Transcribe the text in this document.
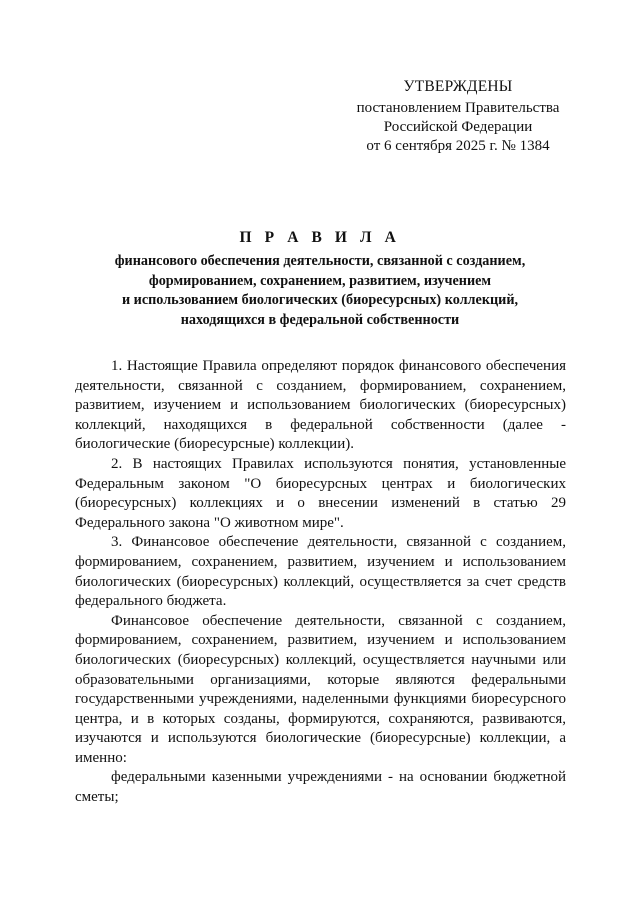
УТВЕРЖДЕНЫ
постановлением Правительства
Российской Федерации
от 6 сентября 2025 г. № 1384
П Р А В И Л А
финансового обеспечения деятельности, связанной с созданием,
формированием, сохранением, развитием, изучением
и использованием биологических (биоресурсных) коллекций,
находящихся в федеральной собственности

1. Настоящие Правила определяют порядок финансового обеспечения деятельности, связанной с созданием, формированием, сохранением, развитием, изучением и использованием биологических (биоресурсных) коллекций, находящихся в федеральной собственности (далее - биологические (биоресурсные) коллекции).

2. В настоящих Правилах используются понятия, установленные Федеральным законом "О биоресурсных центрах и биологических (биоресурсных) коллекциях и о внесении изменений в статью 29 Федерального закона "О животном мире".

3. Финансовое обеспечение деятельности, связанной с созданием, формированием, сохранением, развитием, изучением и использованием биологических (биоресурсных) коллекций, осуществляется за счет средств федерального бюджета.

Финансовое обеспечение деятельности, связанной с созданием, формированием, сохранением, развитием, изучением и использованием биологических (биоресурсных) коллекций, осуществляется научными или образовательными организациями, которые являются федеральными государственными учреждениями, наделенными функциями биоресурсного центра, и в которых созданы, формируются, сохраняются, развиваются, изучаются и используются биологические (биоресурсные) коллекции, а именно:

федеральными казенными учреждениями - на основании бюджетной сметы;
